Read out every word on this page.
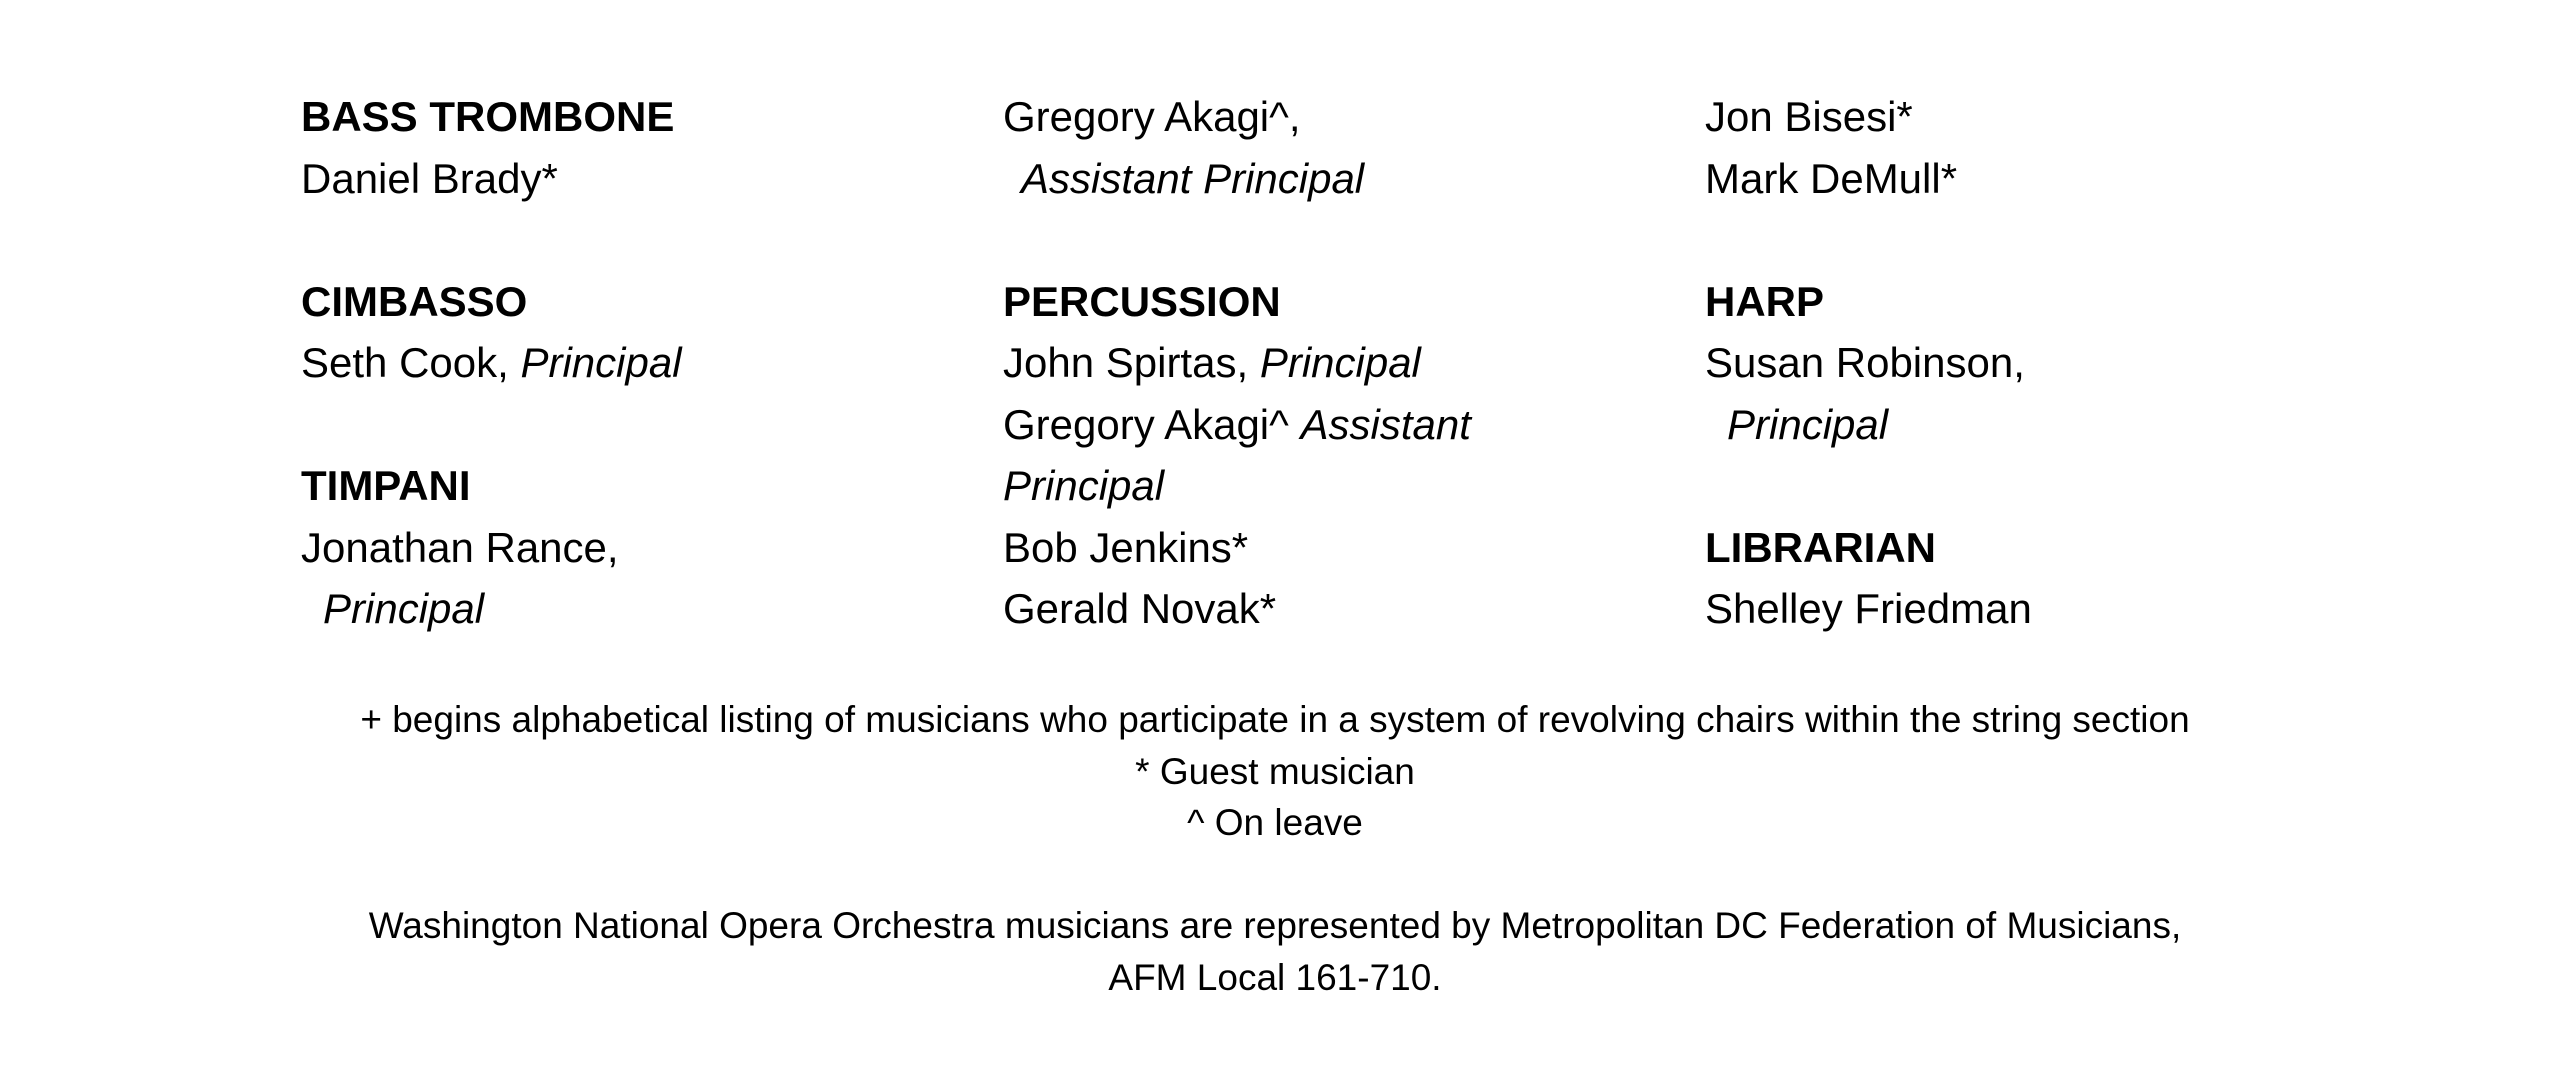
BASS TROMBONE
Daniel Brady*
CIMBASSO
Seth Cook, Principal
TIMPANI
Jonathan Rance,
Principal
Gregory Akagi^,
Assistant Principal
PERCUSSION
John Spirtas, Principal
Gregory Akagi^ Assistant
Principal
Bob Jenkins*
Gerald Novak*
Jon Bisesi*
Mark DeMull*
HARP
Susan Robinson,
Principal
LIBRARIAN
Shelley Friedman
+ begins alphabetical listing of musicians who participate in a system of revolving chairs within the string section
* Guest musician
^ On leave
Washington National Opera Orchestra musicians are represented by Metropolitan DC Federation of Musicians,
AFM Local 161-710.
